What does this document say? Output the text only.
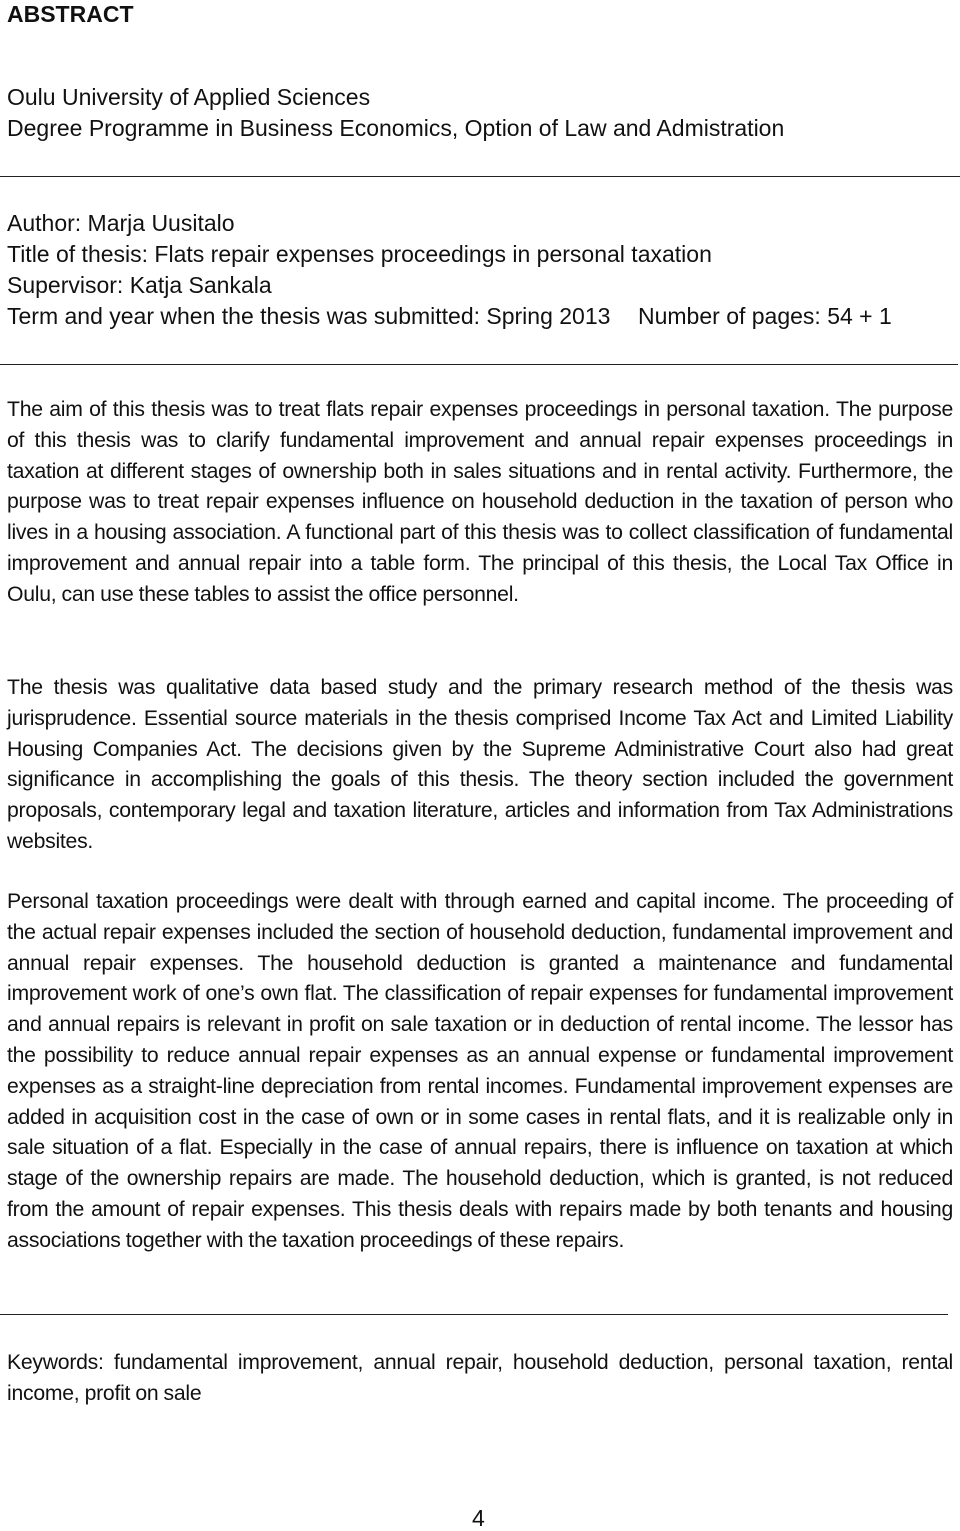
ABSTRACT

Oulu University of Applied Sciences

Degree Programme in Business Economics, Option of Law and Admistration

Author: Marja Uusitalo

Title of thesis: Flats repair expenses proceedings in personal taxation

Supervisor: Katja Sankala

Term and year when the thesis was submitted: Spring 2013 Number of pages: 54 + 1

The aim of this thesis was to treat flats repair expenses proceedings in personal taxation. The purpose of this thesis was to clarify fundamental improvement and annual repair expenses proceedings in taxation at different stages of ownership both in sales situations and in rental activity. Furthermore, the purpose was to treat repair expenses influence on household deduction in the taxation of person who lives in a housing association. A functional part of this thesis was to collect classification of fundamental improvement and annual repair into a table form. The principal of this thesis, the Local Tax Office in Oulu, can use these tables to assist the office personnel.

The thesis was qualitative data based study and the primary research method of the thesis was jurisprudence. Essential source materials in the thesis comprised Income Tax Act and Limited Liability Housing Companies Act. The decisions given by the Supreme Administrative Court also had great significance in accomplishing the goals of this thesis. The theory section included the government proposals, contemporary legal and taxation literature, articles and information from Tax Administrations websites.

Personal taxation proceedings were dealt with through earned and capital income. The proceeding of the actual repair expenses included the section of household deduction, fundamental improvement and annual repair expenses. The household deduction is granted a maintenance and fundamental improvement work of one’s own flat. The classification of repair expenses for fundamental improvement and annual repairs is relevant in profit on sale taxation or in deduction of rental income. The lessor has the possibility to reduce annual repair expenses as an annual expense or fundamental improvement expenses as a straight-line depreciation from rental incomes. Fundamental improvement expenses are added in acquisition cost in the case of own or in some cases in rental flats, and it is realizable only in sale situation of a flat. Especially in the case of annual repairs, there is influence on taxation at which stage of the ownership repairs are made. The household deduction, which is granted, is not reduced from the amount of repair expenses. This thesis deals with repairs made by both tenants and housing associations together with the taxation proceedings of these repairs.

Keywords: fundamental improvement, annual repair, household deduction, personal taxation, rental income, profit on sale

4
